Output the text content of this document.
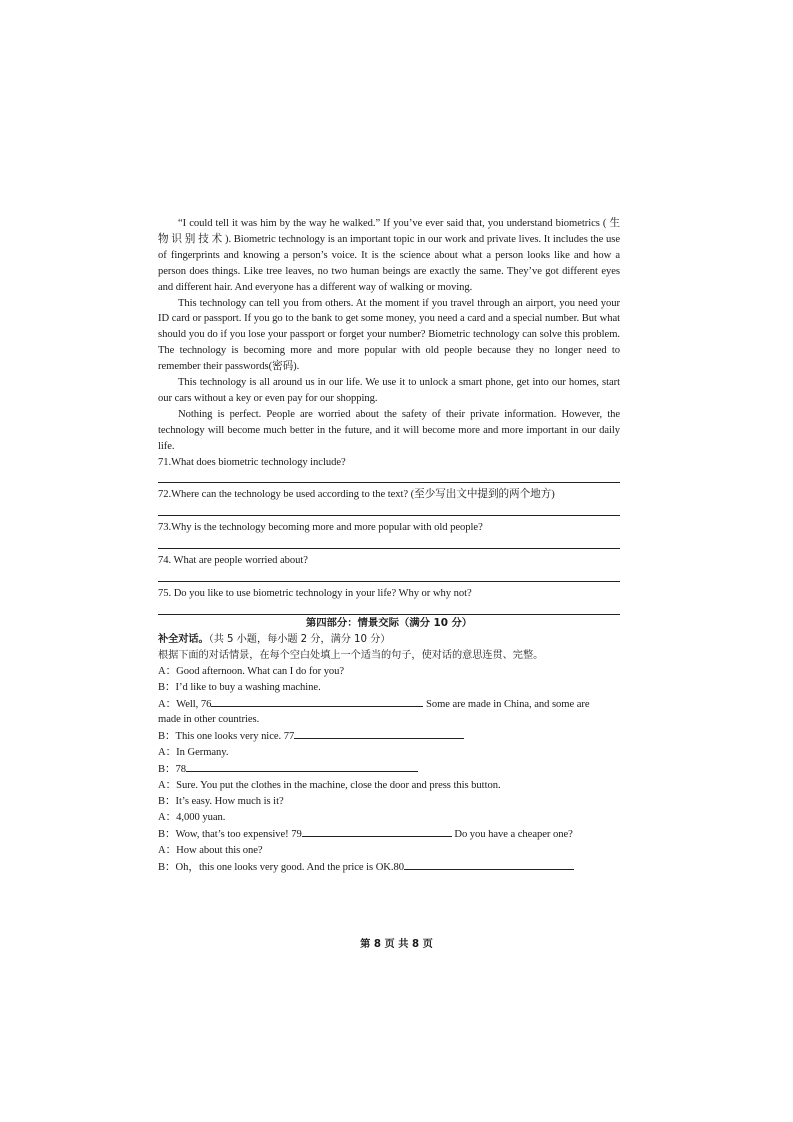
“I could tell it was him by the way he walked.” If you’ve ever said that, you understand biometrics ( 生 物 识 别 技 术 ). Biometric technology is an important topic in our work and private lives. It includes the use of fingerprints and knowing a person’s voice. It is the science about what a person looks like and how a person does things. Like tree leaves, no two human beings are exactly the same. They’ve got different eyes and different hair. And everyone has a different way of walking or moving.

This technology can tell you from others. At the moment if you travel through an airport, you need your ID card or passport. If you go to the bank to get some money, you need a card and a special number. But what should you do if you lose your passport or forget your number? Biometric technology can solve this problem. The technology is becoming more and more popular with old people because they no longer need to remember their passwords(密码).

This technology is all around us in our life. We use it to unlock a smart phone, get into our homes, start our cars without a key or even pay for our shopping.

Nothing is perfect. People are worried about the safety of their private information. However, the technology will become much better in the future, and it will become more and more important in our daily life.

71.What does biometric technology include?

72.Where can the technology be used according to the text? (至少写出文中提到的两个地方)

73.Why is the technology becoming more and more popular with old people?

74. What are people worried about?

75. Do you like to use biometric technology in your life? Why or why not?

第四部分：情景交际（满分 10 分）

补全对话。（共 5 小题，每小题 2 分，满分 10 分）

根据下面的对话情景，在每个空白处填上一个适当的句子，使对话的意思连贯、完整。

A：Good afternoon. What can I do for you?

B：I’d like to buy a washing machine.

A：Well, 76	Some are made in China, and some are

made in other countries.

B：This one looks very nice. 77

A：In Germany.

B：78

A：Sure. You put the clothes in the machine, close the door and press this button.

B：It’s easy. How much is it?

A：4,000 yuan.

B：Wow, that’s too expensive! 79	Do you have a cheaper one?

A：How about this one?

B：Oh，this one looks very good. And the price is OK.80

第 8 页 共 8 页
